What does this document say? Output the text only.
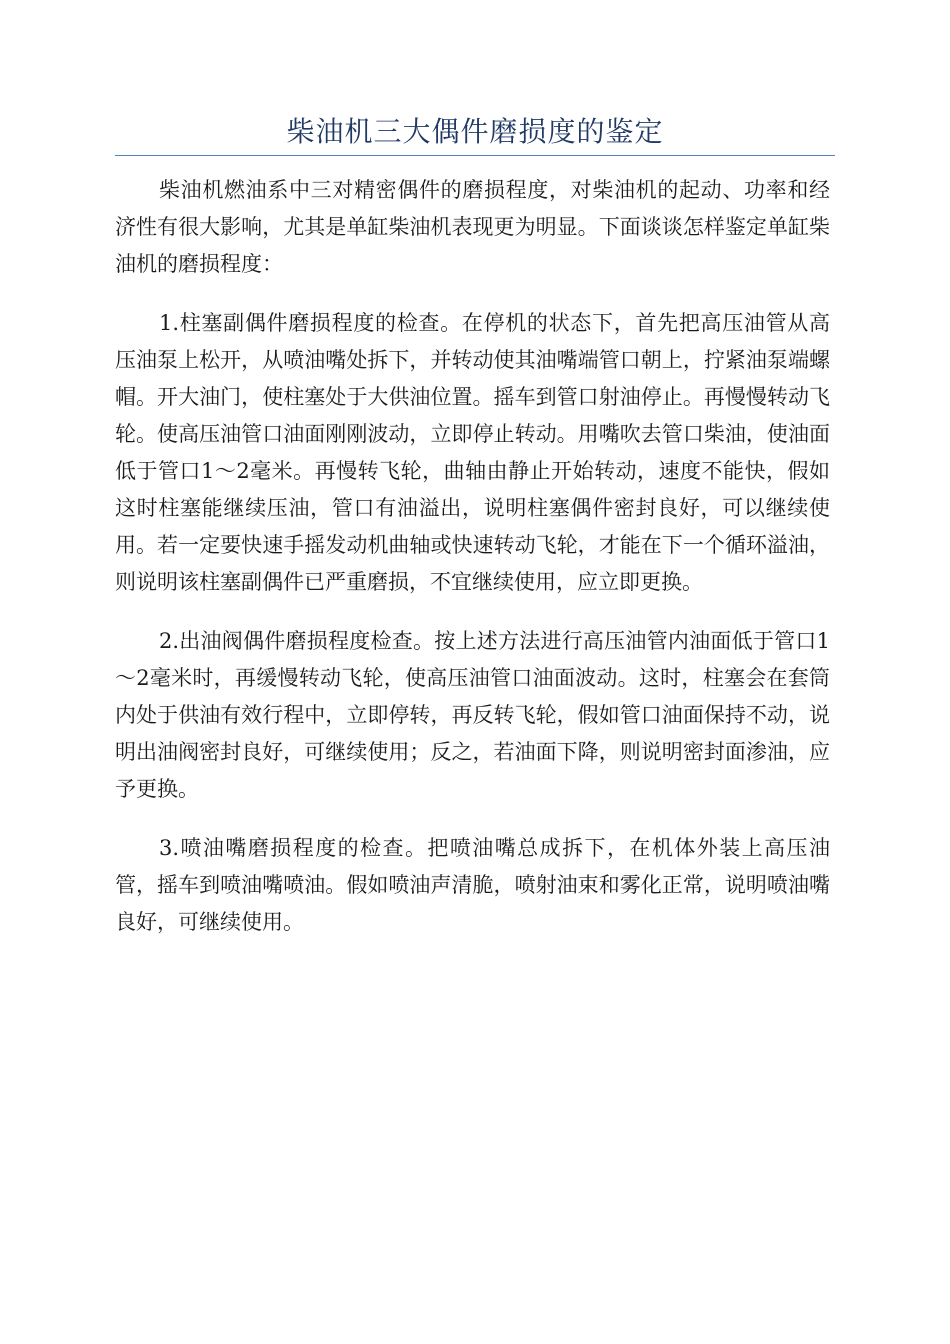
柴油机三大偶件磨损度的鉴定

柴油机燃油系中三对精密偶件的磨损程度，对柴油机的起动、功率和经济性有很大影响，尤其是单缸柴油机表现更为明显。下面谈谈怎样鉴定单缸柴油机的磨损程度：

1.柱塞副偶件磨损程度的检查。在停机的状态下，首先把高压油管从高压油泵上松开，从喷油嘴处拆下，并转动使其油嘴端管口朝上，拧紧油泵端螺帽。开大油门，使柱塞处于大供油位置。摇车到管口射油停止。再慢慢转动飞轮。使高压油管口油面刚刚波动，立即停止转动。用嘴吹去管口柴油，使油面低于管口1～2毫米。再慢转飞轮，曲轴由静止开始转动，速度不能快，假如这时柱塞能继续压油，管口有油溢出，说明柱塞偶件密封良好，可以继续使用。若一定要快速手摇发动机曲轴或快速转动飞轮，才能在下一个循环溢油，则说明该柱塞副偶件已严重磨损，不宜继续使用，应立即更换。

2.出油阀偶件磨损程度检查。按上述方法进行高压油管内油面低于管口1～2毫米时，再缓慢转动飞轮，使高压油管口油面波动。这时，柱塞会在套筒内处于供油有效行程中，立即停转，再反转飞轮，假如管口油面保持不动，说明出油阀密封良好，可继续使用；反之，若油面下降，则说明密封面渗油，应予更换。

3.喷油嘴磨损程度的检查。把喷油嘴总成拆下，在机体外装上高压油管，摇车到喷油嘴喷油。假如喷油声清脆，喷射油束和雾化正常，说明喷油嘴良好，可继续使用。
